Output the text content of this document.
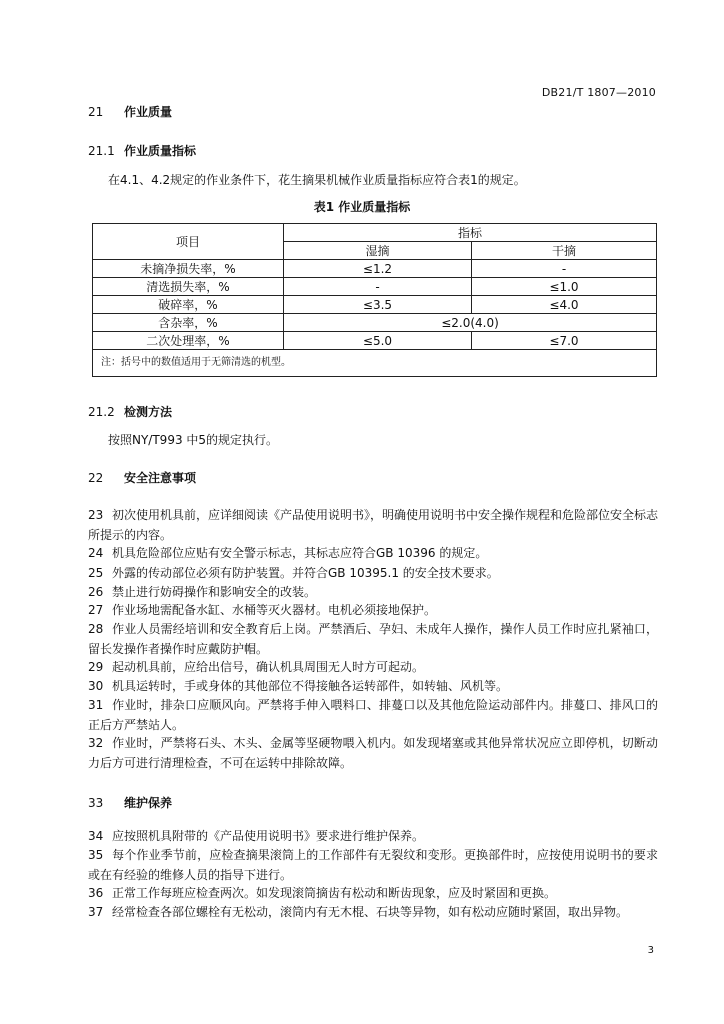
DB21/T 1807—2010
21 作业质量
21.1 作业质量指标
在4.1、4.2规定的作业条件下，花生摘果机械作业质量指标应符合表1的规定。
表1 作业质量指标
项目	指标	
	湿摘	干摘
未摘净损失率，%	≤1.2	-
清选损失率，%	-	≤1.0
破碎率，%	≤3.5	≤4.0
含杂率，%	≤2.0(4.0)	
二次处理率，%	≤5.0	≤7.0
注：括号中的数值适用于无筛清选的机型。		
21.2 检测方法
按照NY/T993 中5的规定执行。
22 安全注意事项
23 初次使用机具前，应详细阅读《产品使用说明书》，明确使用说明书中安全操作规程和危险部位安全标志所提示的内容。
24 机具危险部位应贴有安全警示标志，其标志应符合GB 10396 的规定。
25 外露的传动部位必须有防护装置。并符合GB 10395.1 的安全技术要求。
26 禁止进行妨碍操作和影响安全的改装。
27 作业场地需配备水缸、水桶等灭火器材。电机必须接地保护。
28 作业人员需经培训和安全教育后上岗。严禁酒后、孕妇、未成年人操作，操作人员工作时应扎紧袖口，留长发操作者操作时应戴防护帽。
29 起动机具前，应给出信号，确认机具周围无人时方可起动。
30 机具运转时，手或身体的其他部位不得接触各运转部件，如转轴、风机等。
31 作业时，排杂口应顺风向。严禁将手伸入喂料口、排蔓口以及其他危险运动部件内。排蔓口、排风口的正后方严禁站人。
32 作业时，严禁将石头、木头、金属等坚硬物喂入机内。如发现堵塞或其他异常状况应立即停机，切断动力后方可进行清理检查，不可在运转中排除故障。
33 维护保养
34 应按照机具附带的《产品使用说明书》要求进行维护保养。
35 每个作业季节前，应检查摘果滚筒上的工作部件有无裂纹和变形。更换部件时，应按使用说明书的要求或在有经验的维修人员的指导下进行。
36 正常工作每班应检查两次。如发现滚筒摘齿有松动和断齿现象，应及时紧固和更换。
37 经常检查各部位螺栓有无松动，滚筒内有无木棍、石块等异物，如有松动应随时紧固，取出异物。
3
